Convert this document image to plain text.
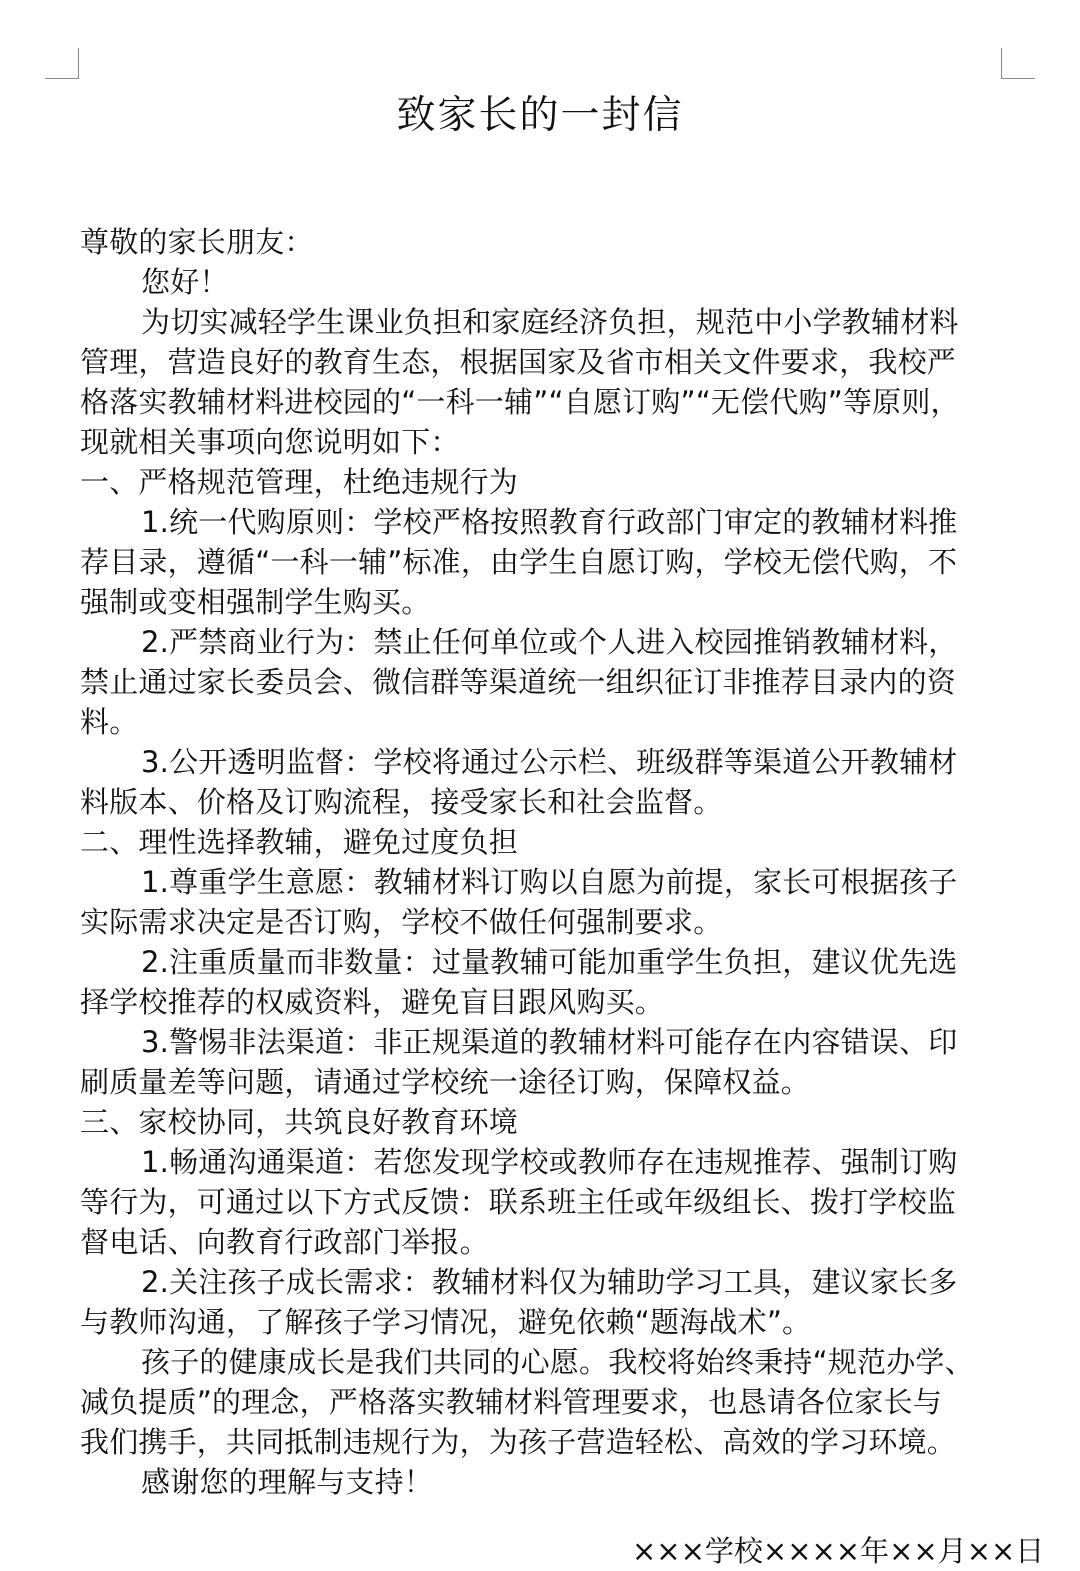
致家长的一封信
尊敬的家长朋友：
您好！
为切实减轻学生课业负担和家庭经济负担，规范中小学教辅材料
管理，营造良好的教育生态，根据国家及省市相关文件要求，我校严
格落实教辅材料进校园的“一科一辅”“自愿订购”“无偿代购”等原则，
现就相关事项向您说明如下：
一、严格规范管理，杜绝违规行为
1.统一代购原则：学校严格按照教育行政部门审定的教辅材料推
荐目录，遵循“一科一辅”标准，由学生自愿订购，学校无偿代购，不
强制或变相强制学生购买。
2.严禁商业行为：禁止任何单位或个人进入校园推销教辅材料，
禁止通过家长委员会、微信群等渠道统一组织征订非推荐目录内的资
料。
3.公开透明监督：学校将通过公示栏、班级群等渠道公开教辅材
料版本、价格及订购流程，接受家长和社会监督。
二、理性选择教辅，避免过度负担
1.尊重学生意愿：教辅材料订购以自愿为前提，家长可根据孩子
实际需求决定是否订购，学校不做任何强制要求。
2.注重质量而非数量：过量教辅可能加重学生负担，建议优先选
择学校推荐的权威资料，避免盲目跟风购买。
3.警惕非法渠道：非正规渠道的教辅材料可能存在内容错误、印
刷质量差等问题，请通过学校统一途径订购，保障权益。
三、家校协同，共筑良好教育环境
1.畅通沟通渠道：若您发现学校或教师存在违规推荐、强制订购
等行为，可通过以下方式反馈：联系班主任或年级组长、拨打学校监
督电话、向教育行政部门举报。
2.关注孩子成长需求：教辅材料仅为辅助学习工具，建议家长多
与教师沟通，了解孩子学习情况，避免依赖“题海战术”。
孩子的健康成长是我们共同的心愿。我校将始终秉持“规范办学、
减负提质”的理念，严格落实教辅材料管理要求，也恳请各位家长与
我们携手，共同抵制违规行为，为孩子营造轻松、高效的学习环境。
感谢您的理解与支持！
×××学校××××年××月××日
